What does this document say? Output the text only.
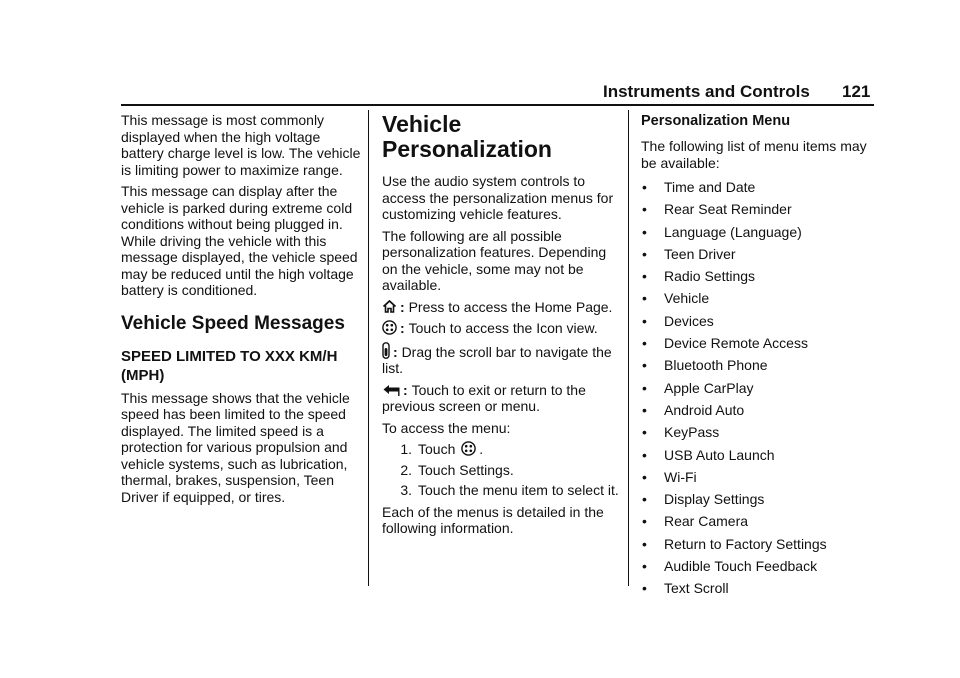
Instruments and Controls 121

This message is most commonly displayed when the high voltage battery charge level is low. The vehicle is limiting power to maximize range.

This message can display after the vehicle is parked during extreme cold conditions without being plugged in. While driving the vehicle with this message displayed, the vehicle speed may be reduced until the high voltage battery is conditioned.

Vehicle Speed Messages
SPEED LIMITED TO XXX KM/H (MPH)

This message shows that the vehicle speed has been limited to the speed displayed. The limited speed is a protection for various propulsion and vehicle systems, such as lubrication, thermal, brakes, suspension, Teen Driver if equipped, or tires.

Vehicle Personalization

Use the audio system controls to access the personalization menus for customizing vehicle features.

The following are all possible personalization features. Depending on the vehicle, some may not be available.

: Press to access the Home Page.

: Touch to access the Icon view.

: Drag the scroll bar to navigate the list.

: Touch to exit or return to the previous screen or menu.

To access the menu:

1. Touch .
2. Touch Settings.
3. Touch the menu item to select it.

Each of the menus is detailed in the following information.

Personalization Menu

The following list of menu items may be available:

•	Time and Date
•	Rear Seat Reminder
•	Language (Language)
•	Teen Driver
•	Radio Settings
•	Vehicle
•	Devices
•	Device Remote Access
•	Bluetooth Phone
•	Apple CarPlay
•	Android Auto
•	KeyPass
•	USB Auto Launch
•	Wi-Fi
•	Display Settings
•	Rear Camera
•	Return to Factory Settings
•	Audible Touch Feedback
•	Text Scroll
